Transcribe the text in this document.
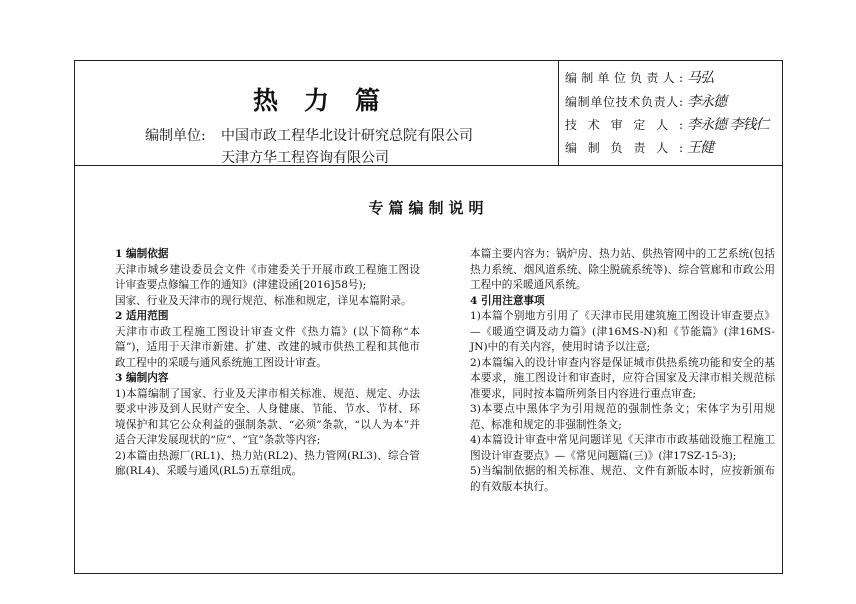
热力篇
编制单位: 中国市政工程华北设计研究总院有限公司
天津方华工程咨询有限公司
编制单位负责人: 马弘
编制单位技术负责人: 李永德
技术审定人: 李永德 李钱仁
编制负责人: 王健
专篇编制说明

1 编制依据

天津市城乡建设委员会文件《市建委关于开展市政工程施工图设计审查要点修编工作的通知》(津建设函[2016]58号);

国家、行业及天津市的现行规范、标准和规定，详见本篇附录。

2 适用范围

天津市市政工程施工图设计审查文件《热力篇》(以下简称“本篇”)，适用于天津市新建、扩建、改建的城市供热工程和其他市政工程中的采暖与通风系统施工图设计审查。

3 编制内容

1)本篇编制了国家、行业及天津市相关标准、规范、规定、办法要求中涉及到人民财产安全、人身健康、节能、节水、节材、环境保护和其它公众利益的强制条款、“必须”条款，“以人为本”并适合天津发展现状的“应”、“宜”条款等内容;

2)本篇由热源厂(RL1)、热力站(RL2)、热力管网(RL3)、综合管廊(RL4)、采暖与通风(RL5)五章组成。

本篇主要内容为：锅炉房、热力站、供热管网中的工艺系统(包括热力系统、烟风道系统、除尘脱硫系统等)、综合管廊和市政公用工程中的采暖通风系统。

4 引用注意事项

1)本篇个别地方引用了《天津市民用建筑施工图设计审查要点》—《暖通空调及动力篇》(津16MS-N)和《节能篇》(津16MS-JN)中的有关内容，使用时请予以注意;

2)本篇编入的设计审查内容是保证城市供热系统功能和安全的基本要求，施工图设计和审查时，应符合国家及天津市相关规范标准要求，同时按本篇所列条目内容进行重点审查;

3)本要点中黑体字为引用规范的强制性条文；宋体字为引用规范、标准和规定的非强制性条文;

4)本篇设计审查中常见问题详见《天津市市政基础设施工程施工图设计审查要点》—《常见问题篇(三)》(津17SZ-15-3);

5)当编制依据的相关标准、规范、文件有新版本时，应按新颁布的有效版本执行。
